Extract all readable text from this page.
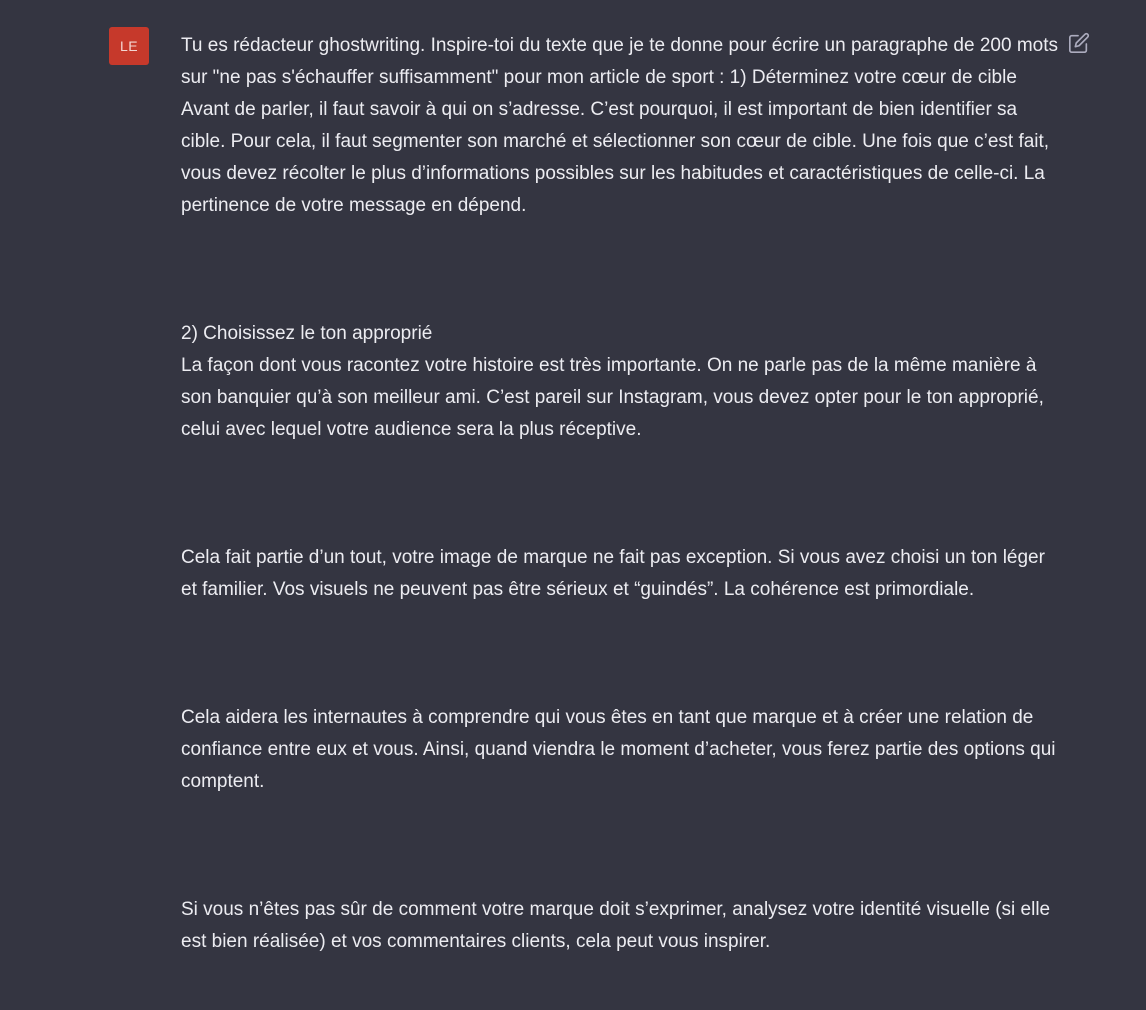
LE Tu es rédacteur ghostwriting. Inspire-toi du texte que je te donne pour écrire un paragraphe de 200 mots sur "ne pas s'échauffer suffisamment" pour mon article de sport : 1) Déterminez votre cœur de cible
Avant de parler, il faut savoir à qui on s’adresse. C’est pourquoi, il est important de bien identifier sa cible. Pour cela, il faut segmenter son marché et sélectionner son cœur de cible. Une fois que c’est fait, vous devez récolter le plus d’informations possibles sur les habitudes et caractéristiques de celle-ci. La pertinence de votre message en dépend.

2) Choisissez le ton approprié
La façon dont vous racontez votre histoire est très importante. On ne parle pas de la même manière à son banquier qu’à son meilleur ami. C’est pareil sur Instagram, vous devez opter pour le ton approprié, celui avec lequel votre audience sera la plus réceptive.

Cela fait partie d’un tout, votre image de marque ne fait pas exception. Si vous avez choisi un ton léger et familier. Vos visuels ne peuvent pas être sérieux et “guindés”. La cohérence est primordiale.

Cela aidera les internautes à comprendre qui vous êtes en tant que marque et à créer une relation de confiance entre eux et vous. Ainsi, quand viendra le moment d’acheter, vous ferez partie des options qui comptent.

Si vous n’êtes pas sûr de comment votre marque doit s’exprimer, analysez votre identité visuelle (si elle est bien réalisée) et vos commentaires clients, cela peut vous inspirer.
